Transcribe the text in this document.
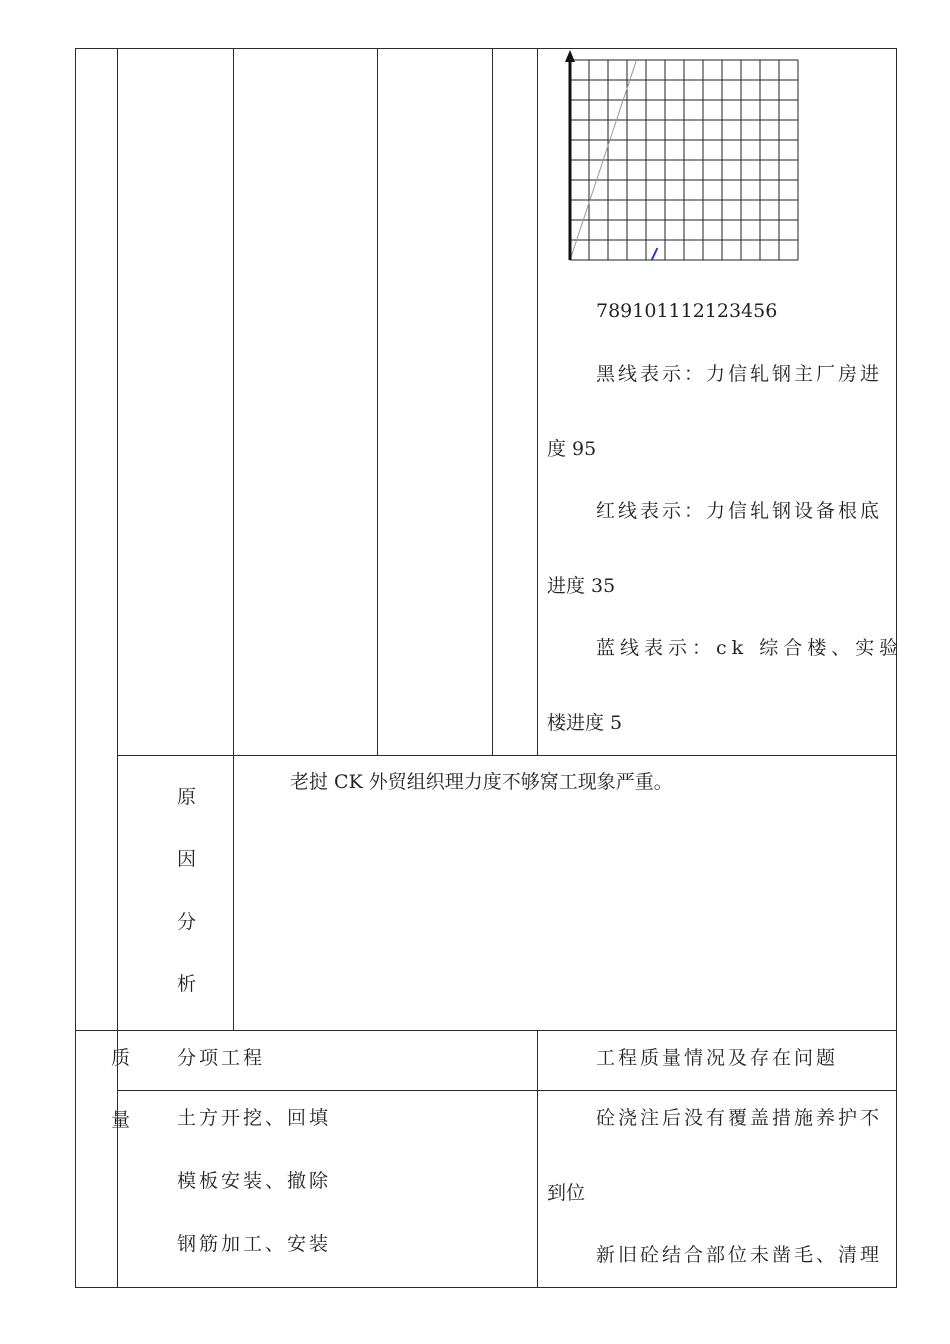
789101112123456
黑线表示：力信轧钢主厂房进
度 95
红线表示：力信轧钢设备根底
进度 35
蓝线表示：ck 综合楼、实验
楼进度 5
原
因
分
析
老挝 CK 外贸组织理力度不够窝工现象严重。
质
量
分项工程	工程质量情况及存在问题
土方开挖、回填
模板安装、撤除
钢筋加工、安装
砼浇注后没有覆盖措施养护不
到位
新旧砼结合部位未凿毛、清理
